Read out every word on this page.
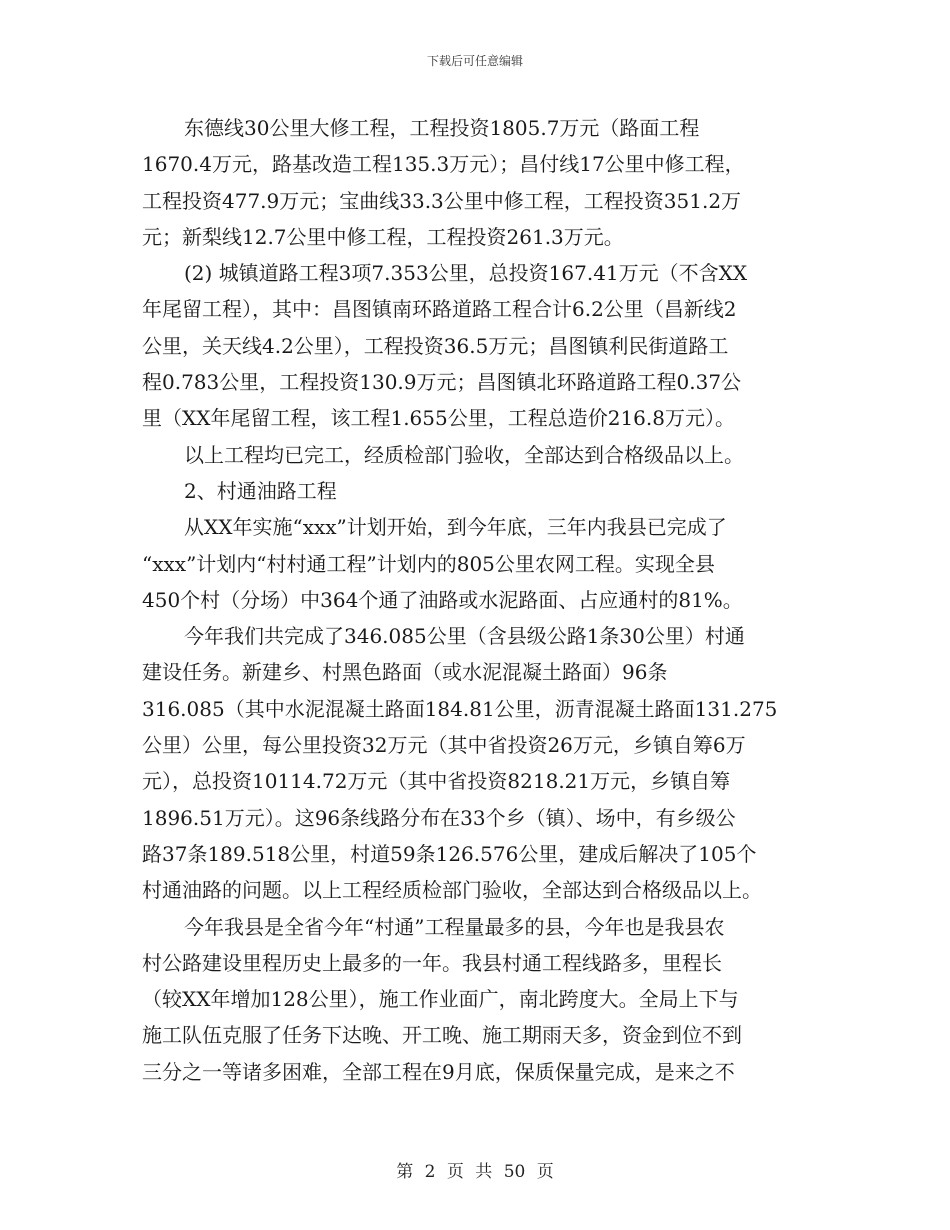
下载后可任意编辑
东德线30公里大修工程，工程投资1805.7万元（路面工程
1670.4万元，路基改造工程135.3万元）；昌付线17公里中修工程，
工程投资477.9万元；宝曲线33.3公里中修工程，工程投资351.2万
元；新梨线12.7公里中修工程，工程投资261.3万元。
(2) 城镇道路工程3项7.353公里，总投资167.41万元（不含XX
年尾留工程），其中：昌图镇南环路道路工程合计6.2公里（昌新线2
公里，关天线4.2公里），工程投资36.5万元；昌图镇利民街道路工
程0.783公里，工程投资130.9万元；昌图镇北环路道路工程0.37公
里（XX年尾留工程，该工程1.655公里，工程总造价216.8万元）。
以上工程均已完工，经质检部门验收，全部达到合格级品以上。
2、村通油路工程
从XX年实施“xxx”计划开始，到今年底，三年内我县已完成了
“xxx”计划内“村村通工程”计划内的805公里农网工程。实现全县
450个村（分场）中364个通了油路或水泥路面、占应通村的81%。
今年我们共完成了346.085公里（含县级公路1条30公里）村通
建设任务。新建乡、村黑色路面（或水泥混凝土路面）96条
316.085（其中水泥混凝土路面184.81公里，沥青混凝土路面131.275
公里）公里，每公里投资32万元（其中省投资26万元，乡镇自筹6万
元），总投资10114.72万元（其中省投资8218.21万元，乡镇自筹
1896.51万元）。这96条线路分布在33个乡（镇）、场中，有乡级公
路37条189.518公里，村道59条126.576公里，建成后解决了105个
村通油路的问题。以上工程经质检部门验收，全部达到合格级品以上。
今年我县是全省今年“村通”工程量最多的县，今年也是我县农
村公路建设里程历史上最多的一年。我县村通工程线路多，里程长
（较XX年增加128公里），施工作业面广，南北跨度大。全局上下与
施工队伍克服了任务下达晚、开工晚、施工期雨天多，资金到位不到
三分之一等诸多困难，全部工程在9月底，保质保量完成，是来之不
第 2 页 共 50 页
